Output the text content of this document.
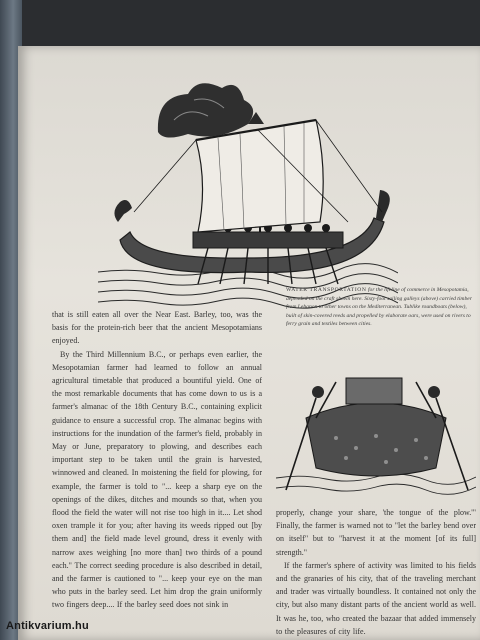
WATER TRANSPORTATION for the lifeline of commerce in Mesopotamia, depended on the craft shown here. Sixty-foot sailing galleys (above) carried timber from Lebanon to other towns on the Mediterranean. Tublike roundboats (below), built of skin-covered reeds and propelled by elaborate oars, were used on rivers to ferry grain and textiles between cities.

that is still eaten all over the Near East. Barley, too, was the basis for the protein-rich beer that the ancient Mesopotamians enjoyed.

By the Third Millennium B.C., or perhaps even earlier, the Mesopotamian farmer had learned to follow an annual agricultural timetable that produced a bountiful yield. One of the most remarkable documents that has come down to us is a farmer's almanac of the 18th Century B.C., containing explicit guidance to ensure a successful crop. The almanac begins with instructions for the inundation of the farmer's field, probably in May or June, preparatory to plowing, and describes each important step to be taken until the grain is harvested, winnowed and cleaned. In moistening the field for plowing, for example, the farmer is told to "... keep a sharp eye on the openings of the dikes, ditches and mounds so that, when you flood the field the water will not rise too high in it.... Let shod oxen trample it for you; after having its weeds ripped out [by them and] the field made level ground, dress it evenly with narrow axes weighing [no more than] two thirds of a pound each." The correct seeding procedure is also described in detail, and the farmer is cautioned to "... keep your eye on the man who puts in the barley seed. Let him drop the grain uniformly two fingers deep.... If the barley seed does not sink in

properly, change your share, 'the tongue of the plow.'" Finally, the farmer is warned not to "let the barley bend over on itself" but to "harvest it at the moment [of its full] strength."

If the farmer's sphere of activity was limited to his fields and the granaries of his city, that of the traveling merchant and trader was virtually boundless. It contained not only the city, but also many distant parts of the ancient world as well. It was he, too, who created the bazaar that added immensely to the pleasures of city life.

Antikvarium.hu
